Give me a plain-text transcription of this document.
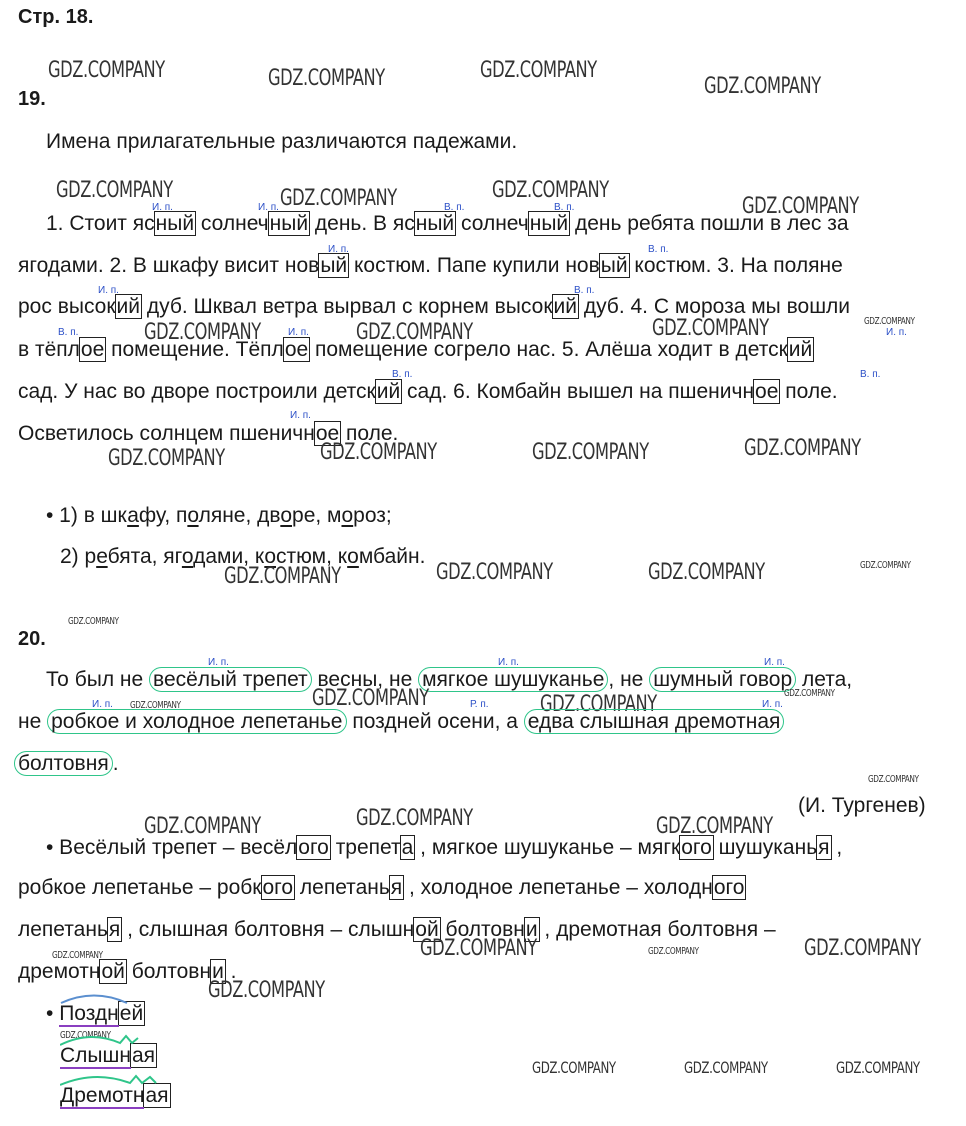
Стр. 18.
GDZ.COMPANY	GDZ.COMPANY	GDZ.COMPANY
GDZ.COMPANY
19.
Имена прилагательные различаются падежами.
GDZ.COMPANY	GDZ.COMPANY	GDZ.COMPANY
GDZ.COMPANY
И. п.	И. п.	В. п.	В. п.
1. Стоит ясный солнечный день. В ясный солнечный день ребята пошли в лес за
И. п.	В. п.
ягодами. 2. В шкафу висит новый костюм. Папе купили новый костюм. 3. На поляне
И. п.	В. п.
рос высокий дуб. Шквал ветра вырвал с корнем высокий дуб. 4. С мороза мы вошли
GDZ.COMPANY	GDZ.COMPANY	GDZ.COMPANY	GDZ.COMPANY
В. п.	И. п.	И. п.
в тёплое помещение. Тёплое помещение согрело нас. 5. Алёша ходит в детский
В. п.	В. п.
сад. У нас во дворе построили детский сад. 6. Комбайн вышел на пшеничное поле.
И. п.
Осветилось солнцем пшеничное поле.
GDZ.COMPANY	GDZ.COMPANY	GDZ.COMPANY	GDZ.COMPANY
• 1) в шкафу, поляне, дворе, мороз;
2) ребята, ягодами, костюм, комбайн.
GDZ.COMPANY	GDZ.COMPANY	GDZ.COMPANY	GDZ.COMPANY
GDZ.COMPANY
20.
И. п.	И. п.	И. п.
То был не весёлый трепет весны, не мягкое шушуканье , не шумный говор лета,
GDZ.COMPANY	GDZ.COMPANY
GDZ.COMPANY
GDZ.COMPANY
И. п.	Р. п.	И. п.
не робкое и холодное лепетанье поздней осени, а едва слышная дремотная
болтовня .
GDZ.COMPANY
(И. Тургенев)
GDZ.COMPANY
GDZ.COMPANY	GDZ.COMPANY
• Весёлый трепет – весёлого трепета , мягкое шушуканье – мягкого шушуканья ,
робкое лепетанье – робкого лепетанья , холодное лепетанье – холодного
лепетанья , слышная болтовня – слышной болтовни , дремотная болтовня –
GDZ.COMPANY	GDZ.COMPANY
GDZ.COMPANY
GDZ.COMPANY
дремотной болтовни .
GDZ.COMPANY
• Поздней
GDZ.COMPANY
Слышная
Дремотная
GDZ.COMPANY	GDZ.COMPANY	GDZ.COMPANY
